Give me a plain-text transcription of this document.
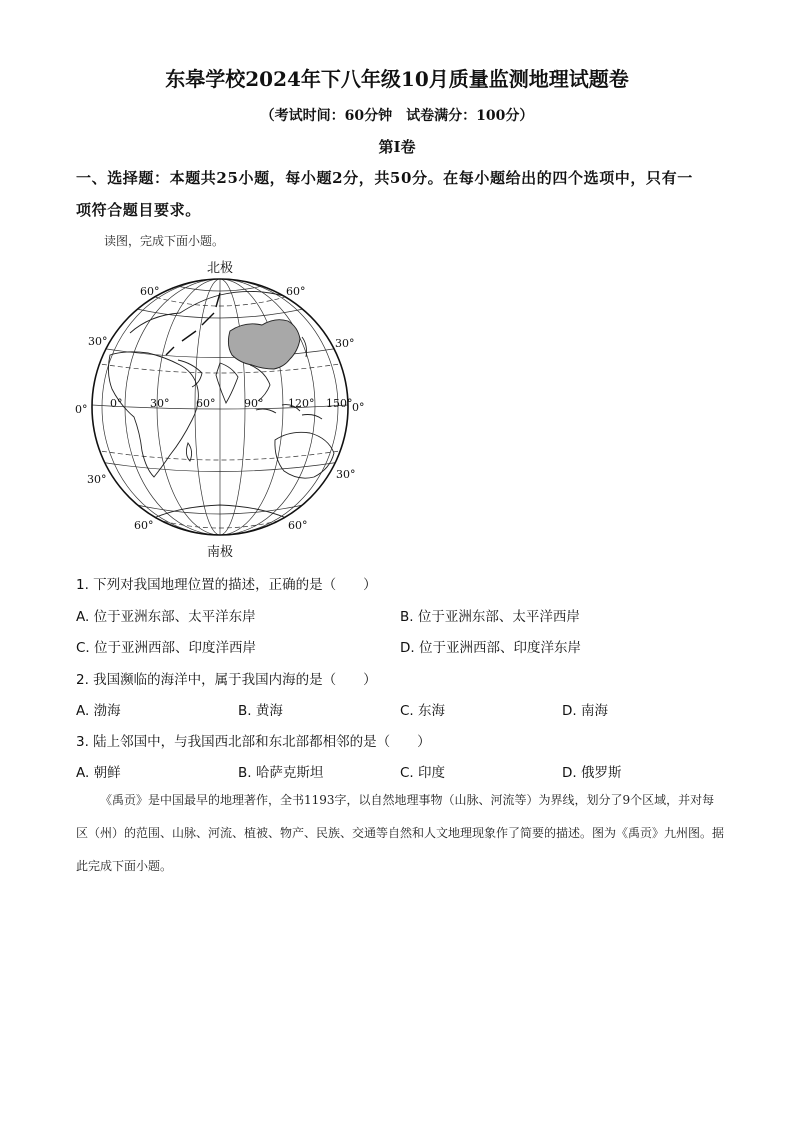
东皋学校2024年下八年级10月质量监测地理试题卷
（考试时间：60分钟　试卷满分：100分）
第Ⅰ卷
一、选择题：本题共25小题，每小题2分，共50分。在每小题给出的四个选项中，只有一
项符合题目要求。
读图，完成下面小题。
北极
南极
60°	60°
30°	30°
0°	0°
30°	30°
60°	60°
0°	30° 60°	90° 120° 150°
1. 下列对我国地理位置的描述，正确的是（　　）
A. 位于亚洲东部、太平洋东岸	B. 位于亚洲东部、太平洋西岸
C. 位于亚洲西部、印度洋西岸	D. 位于亚洲西部、印度洋东岸
2. 我国濒临的海洋中，属于我国内海的是（　　）
A. 渤海	B. 黄海	C. 东海	D. 南海
3. 陆上邻国中，与我国西北部和东北部都相邻的是（　　）
A. 朝鲜	B. 哈萨克斯坦	C. 印度	D. 俄罗斯
《禹贡》是中国最早的地理著作，全书1193字，以自然地理事物（山脉、河流等）为界线，划分了9个区域，并对每区（州）的范围、山脉、河流、植被、物产、民族、交通等自然和人文地理现象作了简要的描述。图为《禹贡》九州图。据此完成下面小题。
